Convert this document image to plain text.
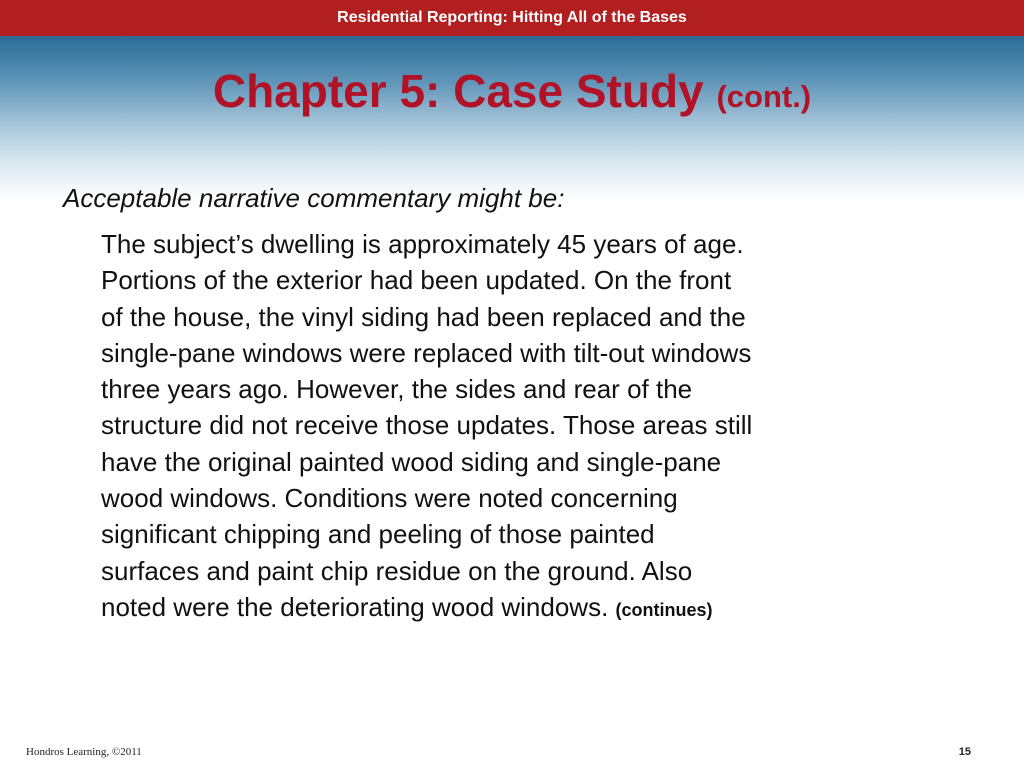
Residential Reporting: Hitting All of the Bases
Chapter 5: Case Study (cont.)
Acceptable narrative commentary might be:
The subject’s dwelling is approximately 45 years of age.
Portions of the exterior had been updated. On the front
of the house, the vinyl siding had been replaced and the
single-pane windows were replaced with tilt-out windows
three years ago. However, the sides and rear of the
structure did not receive those updates. Those areas still
have the original painted wood siding and single-pane
wood windows. Conditions were noted concerning
significant chipping and peeling of those painted
surfaces and paint chip residue on the ground. Also
noted were the deteriorating wood windows. (continues)
Hondros Learning, ©2011	15
